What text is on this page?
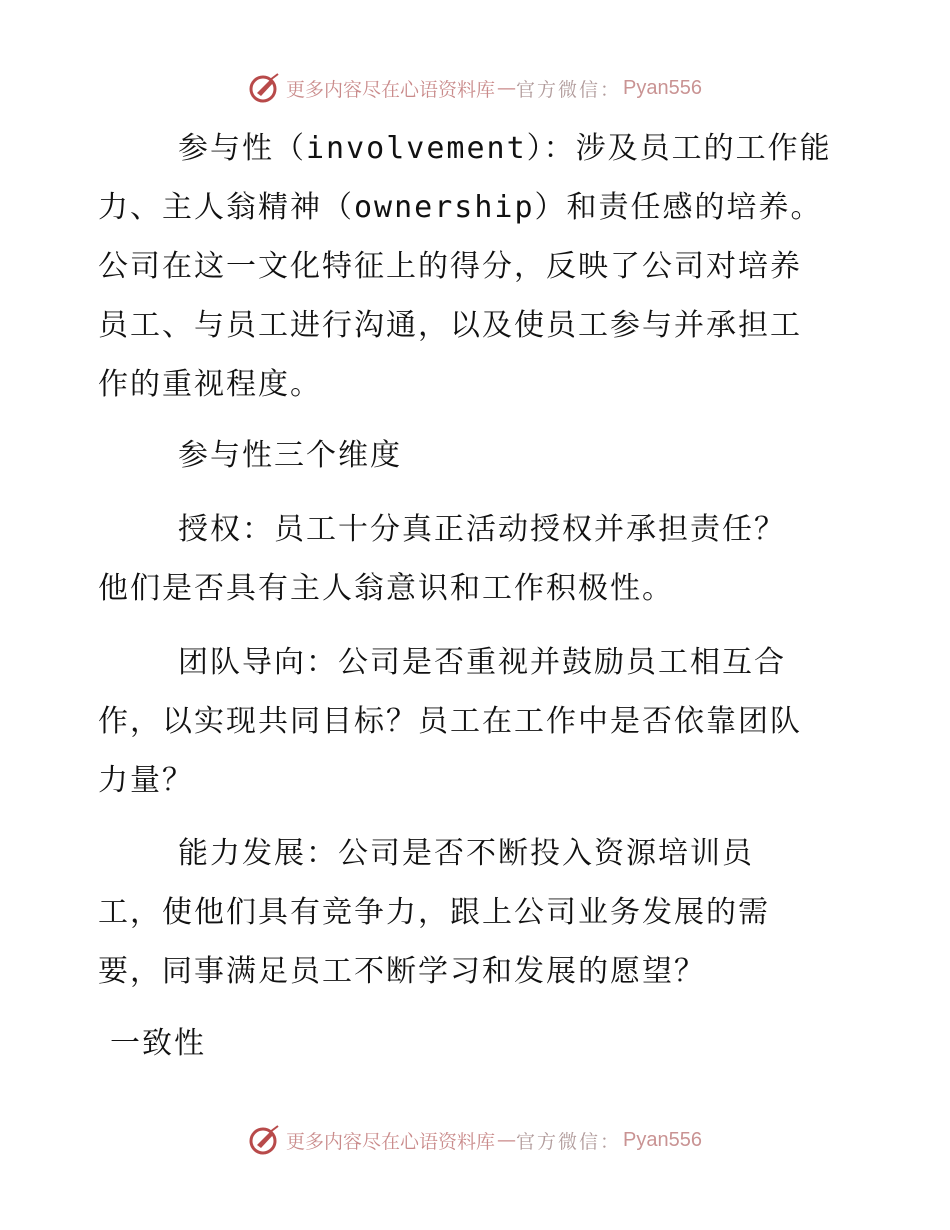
更多内容尽在心语资料库 — 官方微信： Pyan556
参与性（involvement）：涉及员工的工作能
力、主人翁精神（ownership）和责任感的培养。
公司在这一文化特征上的得分，反映了公司对培养
员工、与员工进行沟通，以及使员工参与并承担工
作的重视程度。
参与性三个维度
授权：员工十分真正活动授权并承担责任？
他们是否具有主人翁意识和工作积极性。
团队导向：公司是否重视并鼓励员工相互合
作，以实现共同目标？员工在工作中是否依靠团队
力量？
能力发展：公司是否不断投入资源培训员
工，使他们具有竞争力，跟上公司业务发展的需
要，同事满足员工不断学习和发展的愿望？
一致性
更多内容尽在心语资料库 — 官方微信： Pyan556
